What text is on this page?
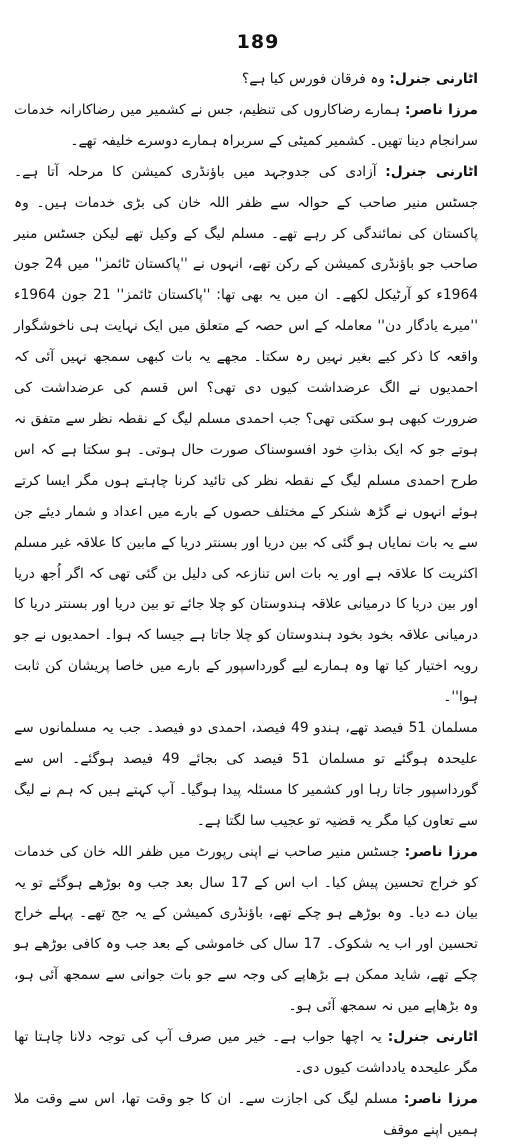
189

اٹارنی جنرل: وہ فرقان فورس کیا ہے؟

مرزا ناصر: ہمارے رضاکاروں کی تنظیم، جس نے کشمیر میں رضاکارانہ خدمات سرانجام دینا تھیں۔ کشمیر کمیٹی کے سربراہ ہمارے دوسرے خلیفہ تھے۔

اٹارنی جنرل: آزادی کی جدوجہد میں باؤنڈری کمیشن کا مرحلہ آتا ہے۔ جسٹس منیر صاحب کے حوالہ سے ظفر اللہ خان کی بڑی خدمات ہیں۔ وہ پاکستان کی نمائندگی کر رہے تھے۔ مسلم لیگ کے وکیل تھے لیکن جسٹس منیر صاحب جو باؤنڈری کمیشن کے رکن تھے، انہوں نے ''پاکستان ٹائمز'' میں 24 جون 1964ء کو آرٹیکل لکھے۔ ان میں یہ بھی تھا: ''پاکستان ٹائمز'' 21 جون 1964ء ''میرے یادگار دن'' معاملہ کے اس حصہ کے متعلق میں ایک نہایت ہی ناخوشگوار واقعہ کا ذکر کیے بغیر نہیں رہ سکتا۔ مجھے یہ بات کبھی سمجھ نہیں آئی کہ احمدیوں نے الگ عرضداشت کیوں دی تھی؟ اس قسم کی عرضداشت کی ضرورت کبھی ہو سکتی تھی؟ جب احمدی مسلم لیگ کے نقطہ نظر سے متفق نہ ہوتے جو کہ ایک بذاتِ خود افسوسناک صورت حال ہوتی۔ ہو سکتا ہے کہ اس طرح احمدی مسلم لیگ کے نقطہ نظر کی تائید کرنا چاہتے ہوں مگر ایسا کرتے ہوئے انہوں نے گڑھ شنکر کے مختلف حصوں کے بارے میں اعداد و شمار دیئے جن سے یہ بات نمایاں ہو گئی کہ بین دریا اور بسنتر دریا کے مابین کا علاقہ غیر مسلم اکثریت کا علاقہ ہے اور یہ بات اس تنازعہ کی دلیل بن گئی تھی کہ اگر اُجھ دریا اور بین دریا کا درمیانی علاقہ ہندوستان کو چلا جائے تو بین دریا اور بسنتر دریا کا درمیانی علاقہ بخود بخود ہندوستان کو چلا جاتا ہے جیسا کہ ہوا۔ احمدیوں نے جو رویہ اختیار کیا تھا وہ ہمارے لیے گورداسپور کے بارے میں خاصا پریشان کن ثابت ہوا''۔

مسلمان 51 فیصد تھے، ہندو 49 فیصد، احمدی دو فیصد۔ جب یہ مسلمانوں سے علیحدہ ہوگئے تو مسلمان 51 فیصد کی بجائے 49 فیصد ہوگئے۔ اس سے گورداسپور جاتا رہا اور کشمیر کا مسئلہ پیدا ہوگیا۔ آپ کہتے ہیں کہ ہم نے لیگ سے تعاون کیا مگر یہ قضیہ تو عجیب سا لگتا ہے۔

مرزا ناصر: جسٹس منیر صاحب نے اپنی رپورٹ میں ظفر اللہ خان کی خدمات کو خراج تحسین پیش کیا۔ اب اس کے 17 سال بعد جب وہ بوڑھے ہوگئے تو یہ بیان دے دیا۔ وہ بوڑھے ہو چکے تھے، باؤنڈری کمیشن کے یہ جج تھے۔ پہلے خراج تحسین اور اب یہ شکوک۔ 17 سال کی خاموشی کے بعد جب وہ کافی بوڑھے ہو چکے تھے، شاید ممکن ہے بڑھاپے کی وجہ سے جو بات جوانی سے سمجھ آئی ہو، وہ بڑھاپے میں نہ سمجھ آئی ہو۔

اٹارنی جنرل: یہ اچھا جواب ہے۔ خیر میں صرف آپ کی توجہ دلانا چاہتا تھا مگر علیحدہ یادداشت کیوں دی۔

مرزا ناصر: مسلم لیگ کی اجازت سے۔ ان کا جو وقت تھا، اس سے وقت ملا ہمیں اپنے موقف
